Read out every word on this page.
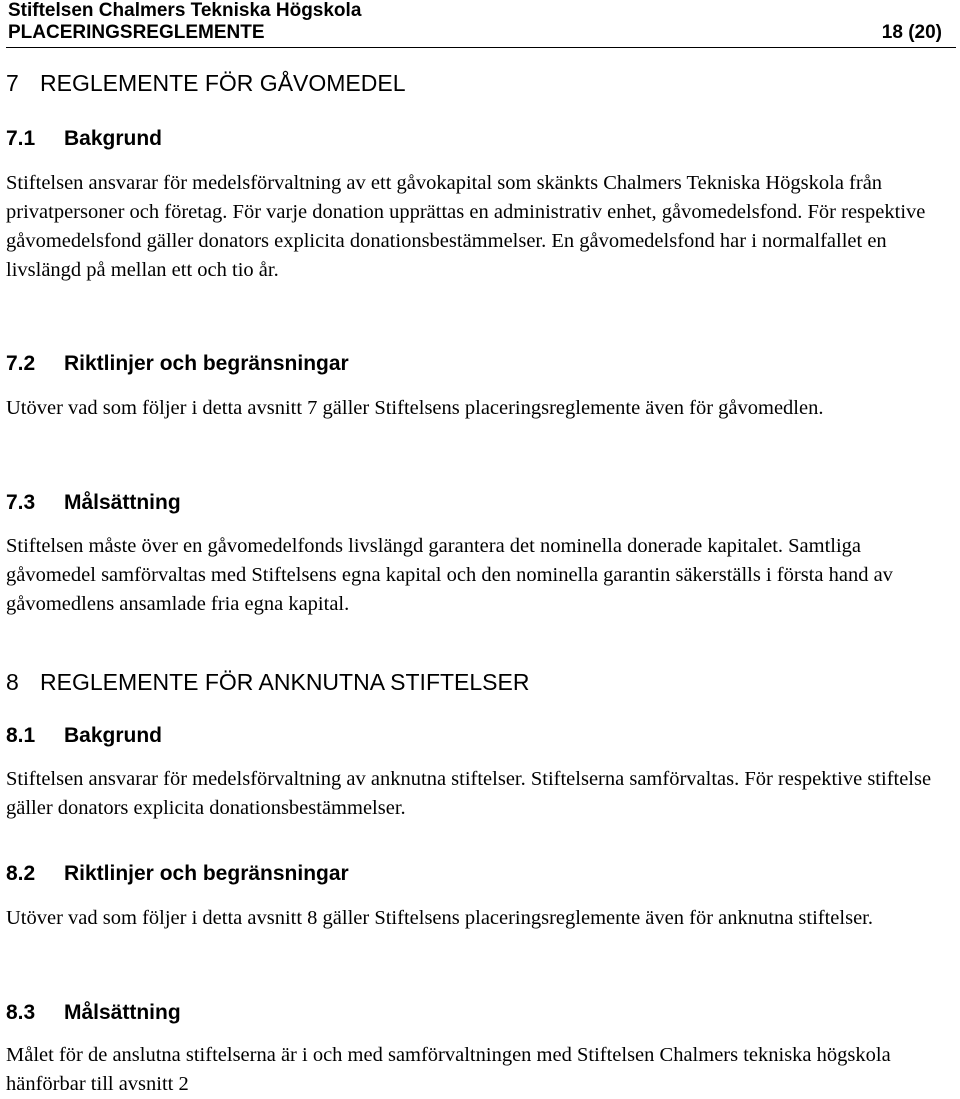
Stiftelsen Chalmers Tekniska Högskola
PLACERINGSREGLEMENTE	18 (20)
7 REGLEMENTE FÖR GÅVOMEDEL
7.1 Bakgrund
Stiftelsen ansvarar för medelsförvaltning av ett gåvokapital som skänkts Chalmers Tekniska Högskola från privatpersoner och företag. För varje donation upprättas en administrativ enhet, gåvomedelsfond. För respektive gåvomedelsfond gäller donators explicita donationsbestämmelser. En gåvomedelsfond har i normalfallet en livslängd på mellan ett och tio år.
7.2 Riktlinjer och begränsningar
Utöver vad som följer i detta avsnitt 7 gäller Stiftelsens placeringsreglemente även för gåvomedlen.
7.3 Målsättning
Stiftelsen måste över en gåvomedelfonds livslängd garantera det nominella donerade kapitalet. Samtliga gåvomedel samförvaltas med Stiftelsens egna kapital och den nominella garantin säkerställs i första hand av gåvomedlens ansamlade fria egna kapital.
8 REGLEMENTE FÖR ANKNUTNA STIFTELSER
8.1 Bakgrund
Stiftelsen ansvarar för medelsförvaltning av anknutna stiftelser. Stiftelserna samförvaltas. För respektive stiftelse gäller donators explicita donationsbestämmelser.
8.2 Riktlinjer och begränsningar
Utöver vad som följer i detta avsnitt 8 gäller Stiftelsens placeringsreglemente även för anknutna stiftelser.
8.3 Målsättning
Målet för de anslutna stiftelserna är i och med samförvaltningen med Stiftelsen Chalmers tekniska högskola hänförbar till avsnitt 2
